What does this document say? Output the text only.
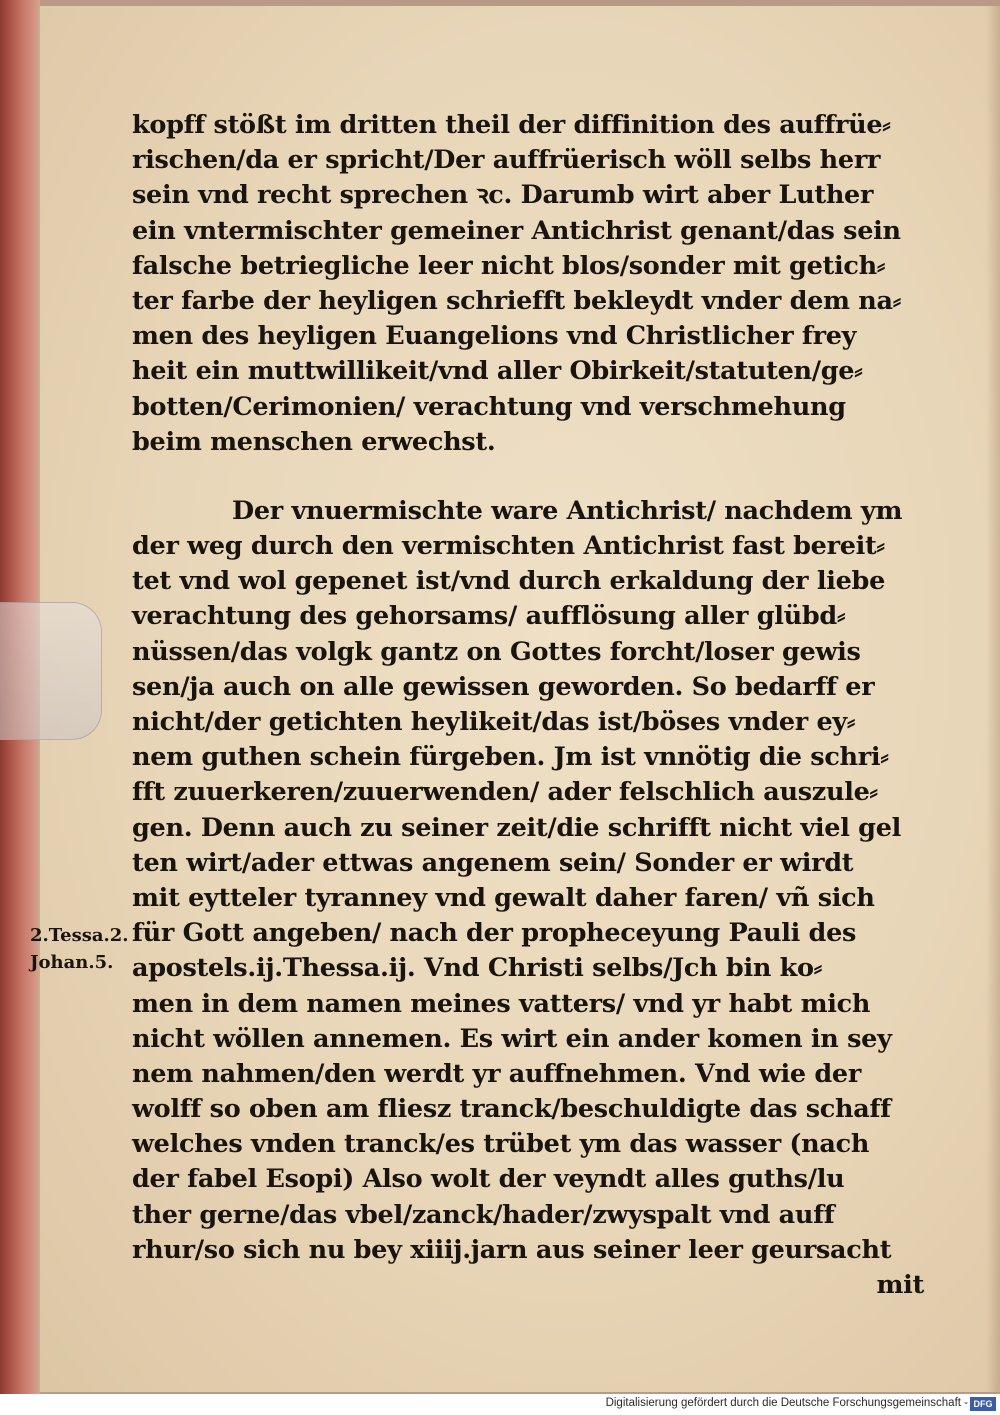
kopff stößt im dritten theil der diffinition des auffrüe⸗
rischen/da er spricht/Der auffrüerisch wöll selbs herr
sein vnd recht sprechen ꝛc. Darumb wirt aber Luther
ein vntermischter gemeiner Antichrist genant/das sein
falsche betriegliche leer nicht blos/sonder mit getich⸗
ter farbe der heyligen schriefft bekleydt vnder dem na⸗
men des heyligen Euangelions vnd Christlicher frey
heit ein muttwillikeit/vnd aller Obirkeit/statuten/ge⸗
botten/Cerimonien/ verachtung vnd verschmehung
beim menschen erwechst.
Der vnuermischte ware Antichrist/ nachdem ym
der weg durch den vermischten Antichrist fast bereit⸗
tet vnd wol gepenet ist/vnd durch erkaldung der liebe
verachtung des gehorsams/ aufflösung aller glübd⸗
nüssen/das volgk gantz on Gottes forcht/loser gewis
sen/ja auch on alle gewissen geworden. So bedarff er
nicht/der getichten heylikeit/das ist/böses vnder ey⸗
nem guthen schein fürgeben. Jm ist vnnötig die schri⸗
fft zuuerkeren/zuuerwenden/ ader felschlich auszule⸗
gen. Denn auch zu seiner zeit/die schrifft nicht viel gel
ten wirt/ader ettwas angenem sein/ Sonder er wirdt
mit eytteler tyranney vnd gewalt daher faren/ vñ sich
für Gott angeben/ nach der propheceyung Pauli des
apostels.ij.Thessa.ij. Vnd Christi selbs/Jch bin ko⸗
men in dem namen meines vatters/ vnd yr habt mich
nicht wöllen annemen. Es wirt ein ander komen in sey
nem nahmen/den werdt yr auffnehmen. Vnd wie der
wolff so oben am fliesz tranck/beschuldigte das schaff
welches vnden tranck/es trübet ym das wasser (nach
der fabel Esopi) Also wolt der veyndt alles guths/lu
ther gerne/das vbel/zanck/hader/zwyspalt vnd auff
rhur/so sich nu bey xiiij.jarn aus seiner leer geursacht
mit
2.Tessa.2.
Johan.5.
Digitalisierung gefördert durch die Deutsche Forschungsgemeinschaft - DFG
